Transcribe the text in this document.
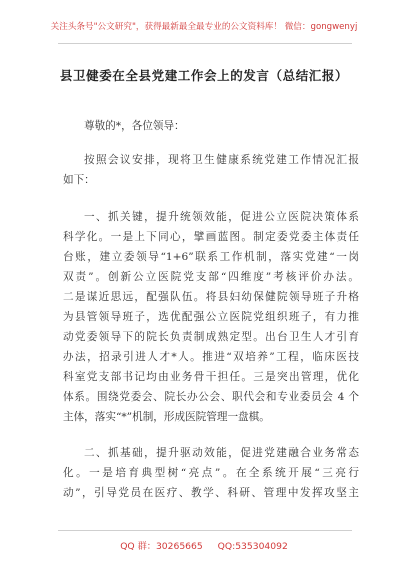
关注头条号"公文研究"，获得最新最全最专业的公文资料库！ 微信：gongwenyj
县卫健委在全县党建工作会上的发言（总结汇报）
尊敬的*，各位领导：
按照会议安排，现将卫生健康系统党建工作情况汇报
如下：
一、抓关键，提升统领效能，促进公立医院决策体系
科学化。一是上下同心，擘画蓝图。制定委党委主体责任
台账，建立委领导“1+6”联系工作机制，落实党建“一岗
双责”。创新公立医院党支部“四维度”考核评价办法。
二是谋近思远，配强队伍。将县妇幼保健院领导班子升格
为县管领导班子，选优配强公立医院党组织班子，有力推
动党委领导下的院长负责制成熟定型。出台卫生人才引育
办法，招录引进人才*人。推进“双培养”工程，临床医技
科室党支部书记均由业务骨干担任。三是突出管理，优化
体系。围绕党委会、院长办公会、职代会和专业委员会 4 个
主体，落实“*”机制，形成医院管理一盘棋。
二、抓基础，提升驱动效能，促进党建融合业务常态
化。一是培育典型树“亮点”。在全系统开展“三亮行
动”，引导党员在医疗、教学、科研、管理中发挥攻坚主
QQ 群：30265665 QQ:535304092
